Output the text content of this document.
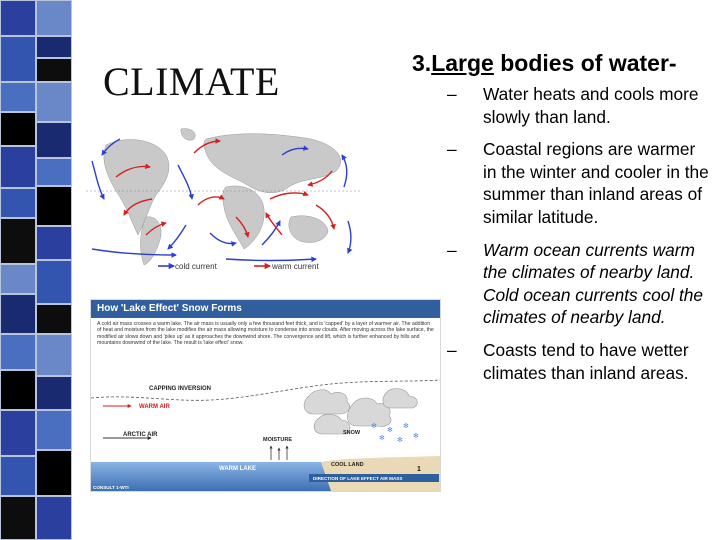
CLIMATE	3.Large bodies of water-
– Water heats and cools more slowly than land.
– Coastal regions are warmer in the winter and cooler in the summer than inland areas of similar latitude.
– Warm ocean currents warm the climates of nearby land. Cold ocean currents cool the climates of nearby land.
– Coasts tend to have wetter climates than inland areas.
cold current	warm current
How 'Lake Effect' Snow Forms
A cold air mass crosses a warm lake. The air mass is usually only a few thousand feet thick, and is 'capped' by a layer of warmer air. The addition of heat and moisture from the lake modifies the air mass allowing moisture to condense into snow clouds. After moving across the lake surface, the modified air slows down and 'piles up' as it approaches the downwind shore. The convergence and lift, which is further enhanced by hills and mountains downwind of the lake. The result is 'lake effect' snow.
CAPPING INVERSION
WARM AIR
ARCTIC AIR
MOISTURE
SNOW
✻
✻
✻
✻ ✻
✻
WARM LAKE
COOL LAND
DIRECTION OF LAKE EFFECT AIR MASS
CONSULT 1-WTI
1
